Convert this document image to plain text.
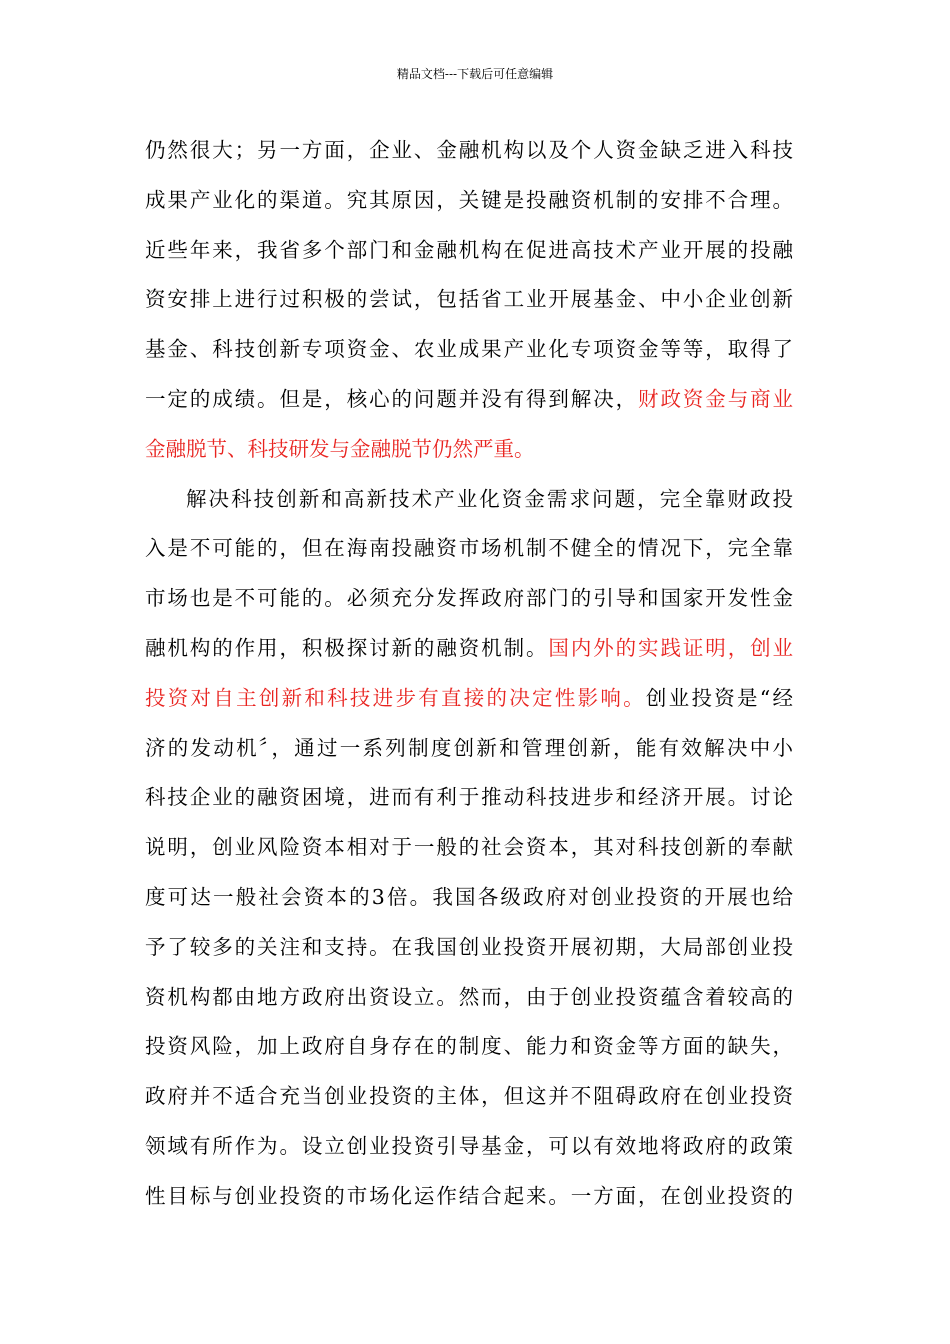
精品文档---下载后可任意编辑
仍然很大；另一方面，企业、金融机构以及个人资金缺乏进入科技
成果产业化的渠道。究其原因，关键是投融资机制的安排不合理。
近些年来，我省多个部门和金融机构在促进高技术产业开展的投融
资安排上进行过积极的尝试，包括省工业开展基金、中小企业创新
基金、科技创新专项资金、农业成果产业化专项资金等等，取得了
一定的成绩。但是，核心的问题并没有得到解决，财政资金与商业
金融脱节、科技研发与金融脱节仍然严重。
解决科技创新和高新技术产业化资金需求问题，完全靠财政投
入是不可能的，但在海南投融资市场机制不健全的情况下，完全靠
市场也是不可能的。必须充分发挥政府部门的引导和国家开发性金
融机构的作用，积极探讨新的融资机制。国内外的实践证明，创业
投资对自主创新和科技进步有直接的决定性影响。创业投资是“经
济的发动机〞，通过一系列制度创新和管理创新，能有效解决中小
科技企业的融资困境，进而有利于推动科技进步和经济开展。讨论
说明，创业风险资本相对于一般的社会资本，其对科技创新的奉献
度可达一般社会资本的3倍。我国各级政府对创业投资的开展也给
予了较多的关注和支持。在我国创业投资开展初期，大局部创业投
资机构都由地方政府出资设立。然而，由于创业投资蕴含着较高的
投资风险，加上政府自身存在的制度、能力和资金等方面的缺失，
政府并不适合充当创业投资的主体，但这并不阻碍政府在创业投资
领域有所作为。设立创业投资引导基金，可以有效地将政府的政策
性目标与创业投资的市场化运作结合起来。一方面，在创业投资的
